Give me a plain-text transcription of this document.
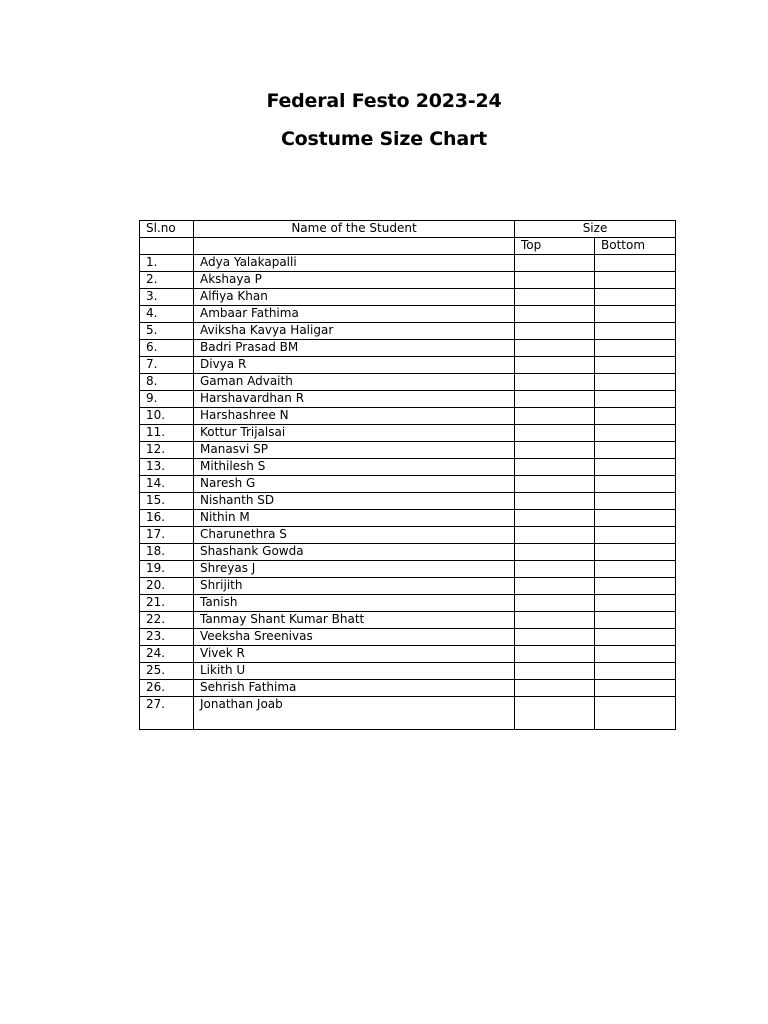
Federal Festo 2023-24
Costume Size Chart
Sl.no	Name of the Student	Size	
		Top	Bottom
1.	Adya Yalakapalli		
2.	Akshaya P		
3.	Alfiya Khan		
4.	Ambaar Fathima		
5.	Aviksha Kavya Haligar		
6.	Badri Prasad BM		
7.	Divya R		
8.	Gaman Advaith		
9.	Harshavardhan R		
10.	Harshashree N		
11.	Kottur Trijalsai		
12.	Manasvi SP		
13.	Mithilesh S		
14.	Naresh G		
15.	Nishanth SD		
16.	Nithin M		
17.	Charunethra S		
18.	Shashank Gowda		
19.	Shreyas J		
20.	Shrijith		
21.	Tanish		
22.	Tanmay Shant Kumar Bhatt		
23.	Veeksha Sreenivas		
24.	Vivek R		
25.	Likith U		
26.	Sehrish Fathima		
27.	Jonathan Joab		
